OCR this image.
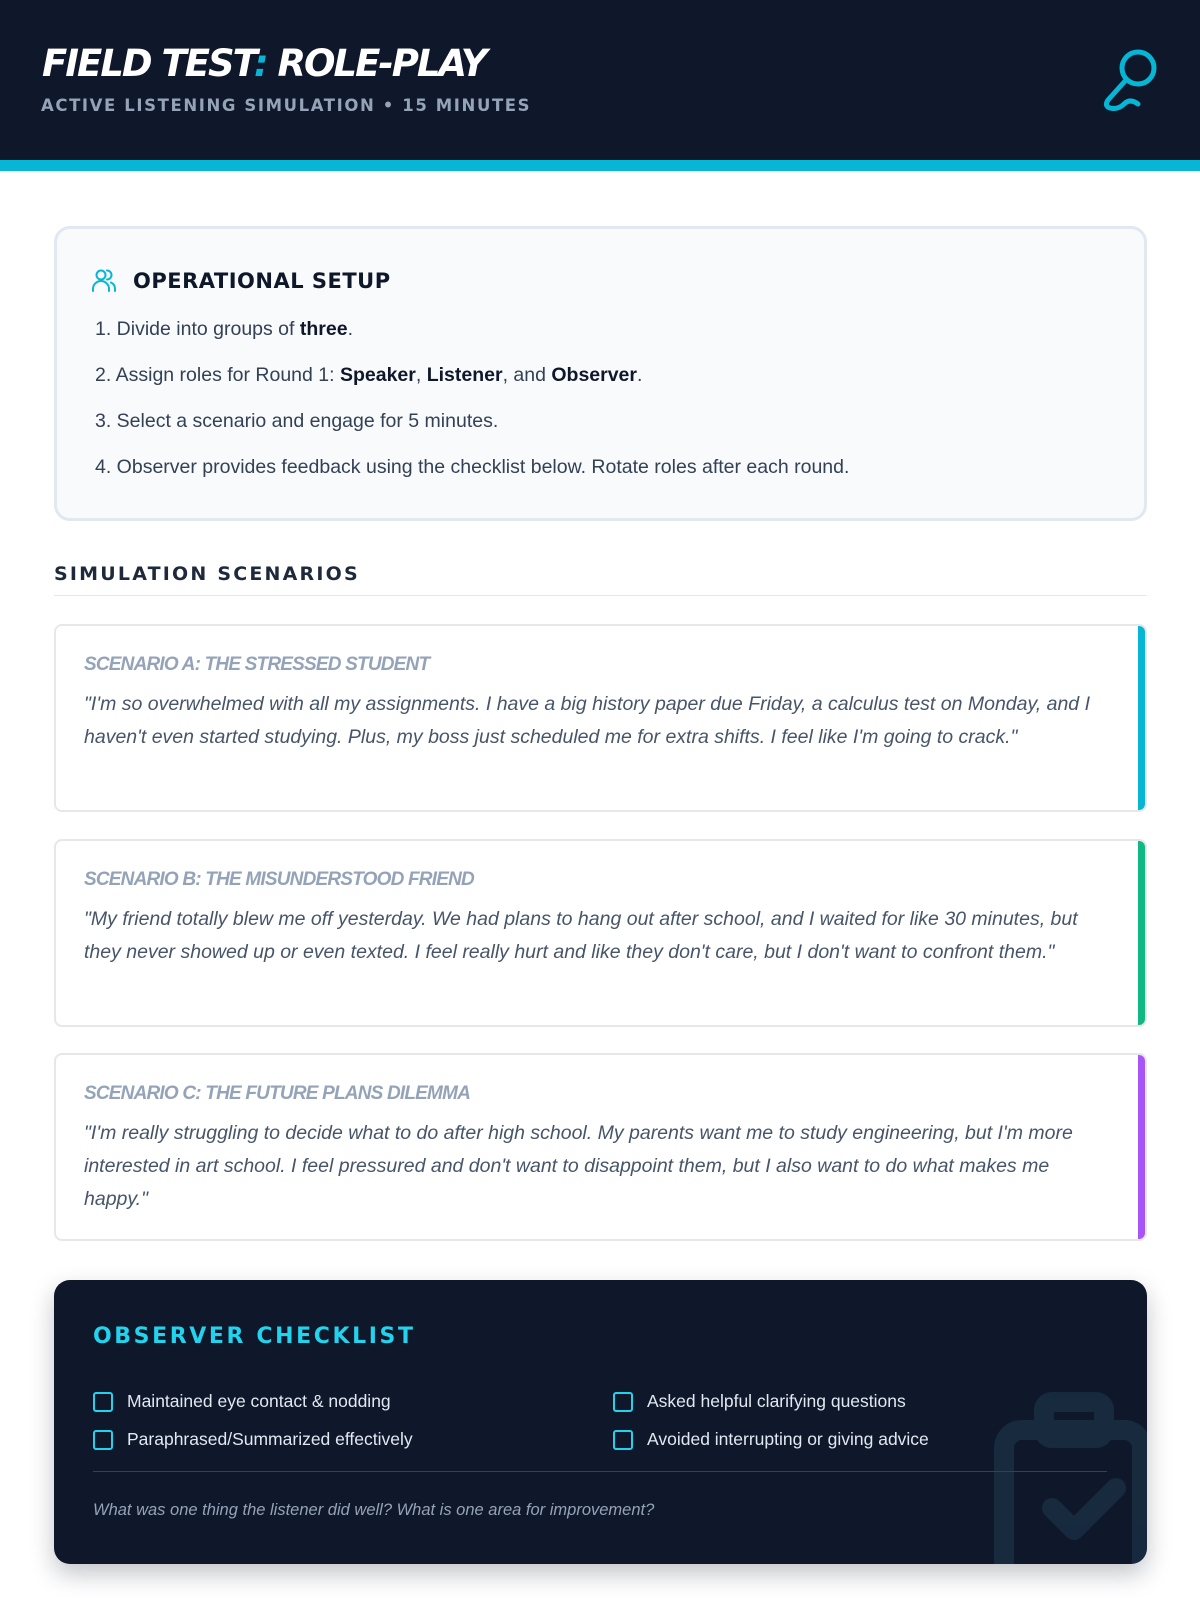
FIELD TEST: ROLE-PLAY
ACTIVE LISTENING SIMULATION • 15 MINUTES
OPERATIONAL SETUP
1. Divide into groups of three.
2. Assign roles for Round 1: Speaker, Listener, and Observer.
3. Select a scenario and engage for 5 minutes.
4. Observer provides feedback using the checklist below. Rotate roles after each round.
SIMULATION SCENARIOS
SCENARIO A: THE STRESSED STUDENT
"I'm so overwhelmed with all my assignments. I have a big history paper due Friday, a calculus test on Monday, and I haven't even started studying. Plus, my boss just scheduled me for extra shifts. I feel like I'm going to crack."
SCENARIO B: THE MISUNDERSTOOD FRIEND
"My friend totally blew me off yesterday. We had plans to hang out after school, and I waited for like 30 minutes, but they never showed up or even texted. I feel really hurt and like they don't care, but I don't want to confront them."
SCENARIO C: THE FUTURE PLANS DILEMMA
"I'm really struggling to decide what to do after high school. My parents want me to study engineering, but I'm more interested in art school. I feel pressured and don't want to disappoint them, but I also want to do what makes me happy."
OBSERVER CHECKLIST
Maintained eye contact & nodding	Asked helpful clarifying questions
Paraphrased/Summarized effectively	Avoided interrupting or giving advice
What was one thing the listener did well? What is one area for improvement?
